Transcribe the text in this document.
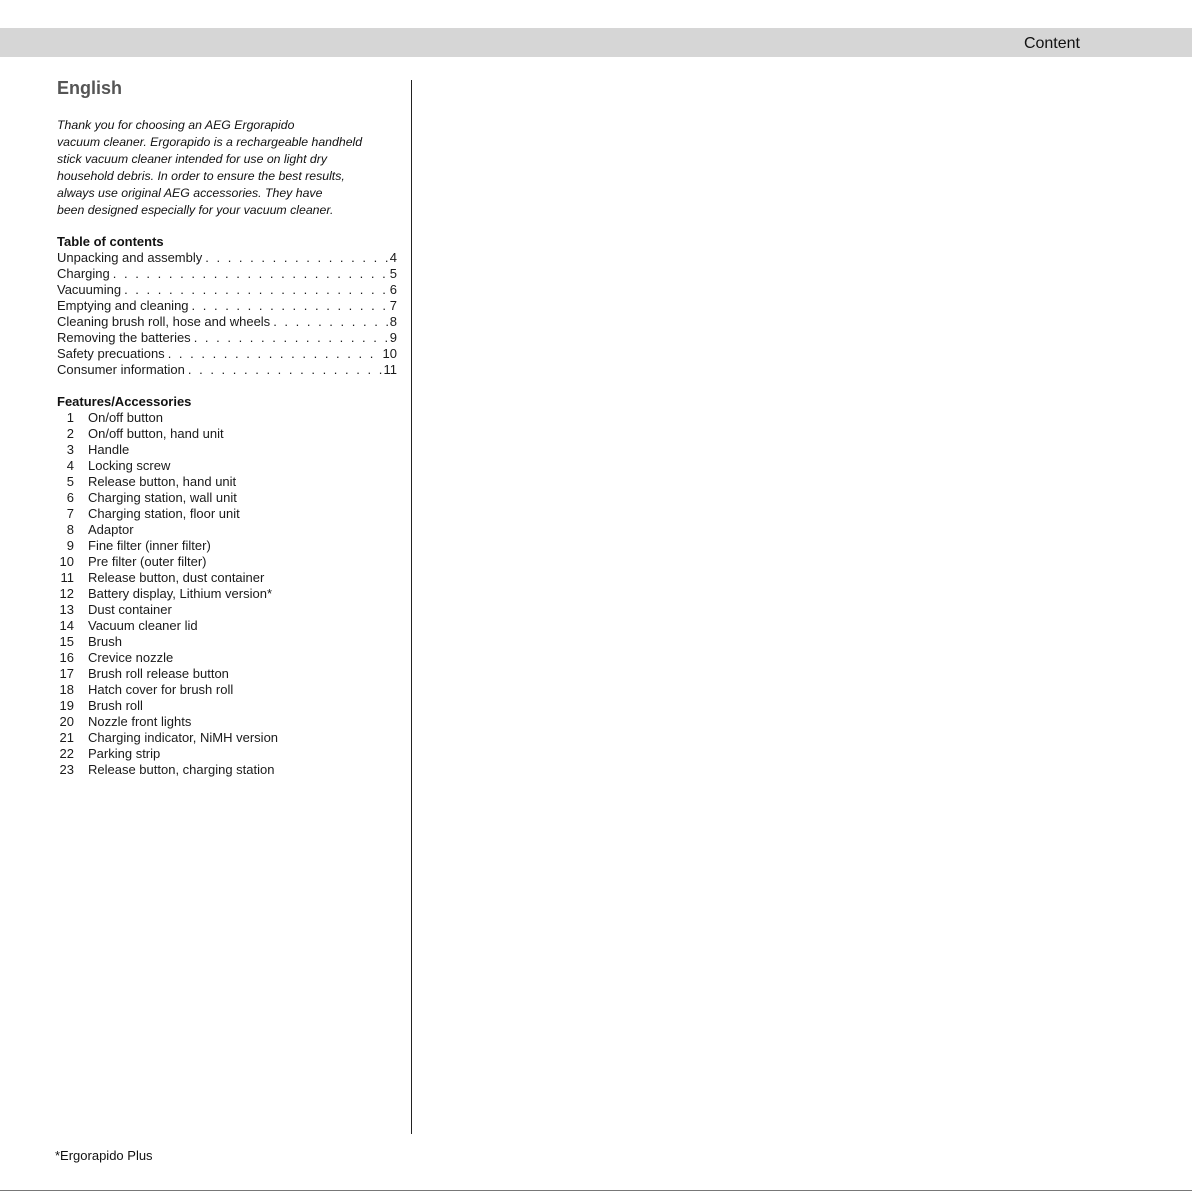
Content
English
Thank you for choosing an AEG Ergorapido
vacuum cleaner. Ergorapido is a rechargeable handheld
stick vacuum cleaner intended for use on light dry
household debris. In order to ensure the best results,
always use original AEG accessories. They have
been designed especially for your vacuum cleaner.
Table of contents
Unpacking and assembly . . .	4
Charging . . .	5
Vacuuming . . .	6
Emptying and cleaning . . .	7
Cleaning brush roll, hose and wheels . . .	8
Removing the batteries . . .	9
Safety precuations . . .	10
Consumer information . . .	11
Features/Accessories
1 On/off button
2 On/off button, hand unit
3 Handle
4 Locking screw
5 Release button, hand unit
6 Charging station, wall unit
7 Charging station, floor unit
8 Adaptor
9 Fine filter (inner filter)
10 Pre filter (outer filter)
11 Release button, dust container
12 Battery display, Lithium version*
13 Dust container
14 Vacuum cleaner lid
15 Brush
16 Crevice nozzle
17 Brush roll release button
18 Hatch cover for brush roll
19 Brush roll
20 Nozzle front lights
21 Charging indicator, NiMH version
22 Parking strip
23 Release button, charging station
*Ergorapido Plus
